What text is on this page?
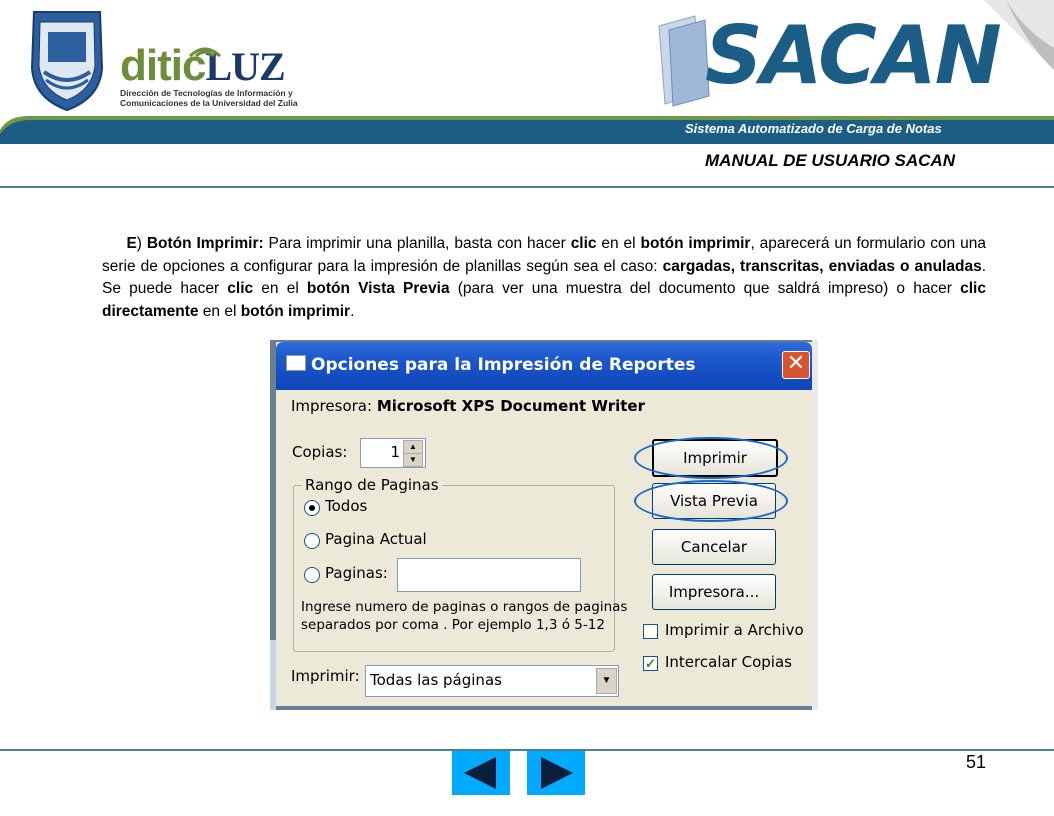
diticLUZ
Dirección de Tecnologías de Información y
Comunicaciones de la Universidad del Zulia
SACAN
Sistema Automatizado de Carga de Notas
MANUAL DE USUARIO SACAN
E) Botón Imprimir: Para imprimir una planilla, basta con hacer clic en el botón imprimir, aparecerá un formulario con una serie de opciones a configurar para la impresión de planillas según sea el caso: cargadas, transcritas, enviadas o anuladas. Se puede hacer clic en el botón Vista Previa (para ver una muestra del documento que saldrá impreso) o hacer clic directamente en el botón imprimir.
Opciones para la Impresión de Reportes	✕
Impresora: Microsoft XPS Document Writer
Copias:	1	▲
▼
Rango de Paginas
Todos
Pagina Actual
Paginas:
Ingrese numero de paginas o rangos de paginas
separados por coma . Por ejemplo 1,3 ó 5-12
Imprimir
Vista Previa
Cancelar
Impresora...
Imprimir a Archivo
✓ Intercalar Copias
Imprimir: Todas las páginas	▼
51
